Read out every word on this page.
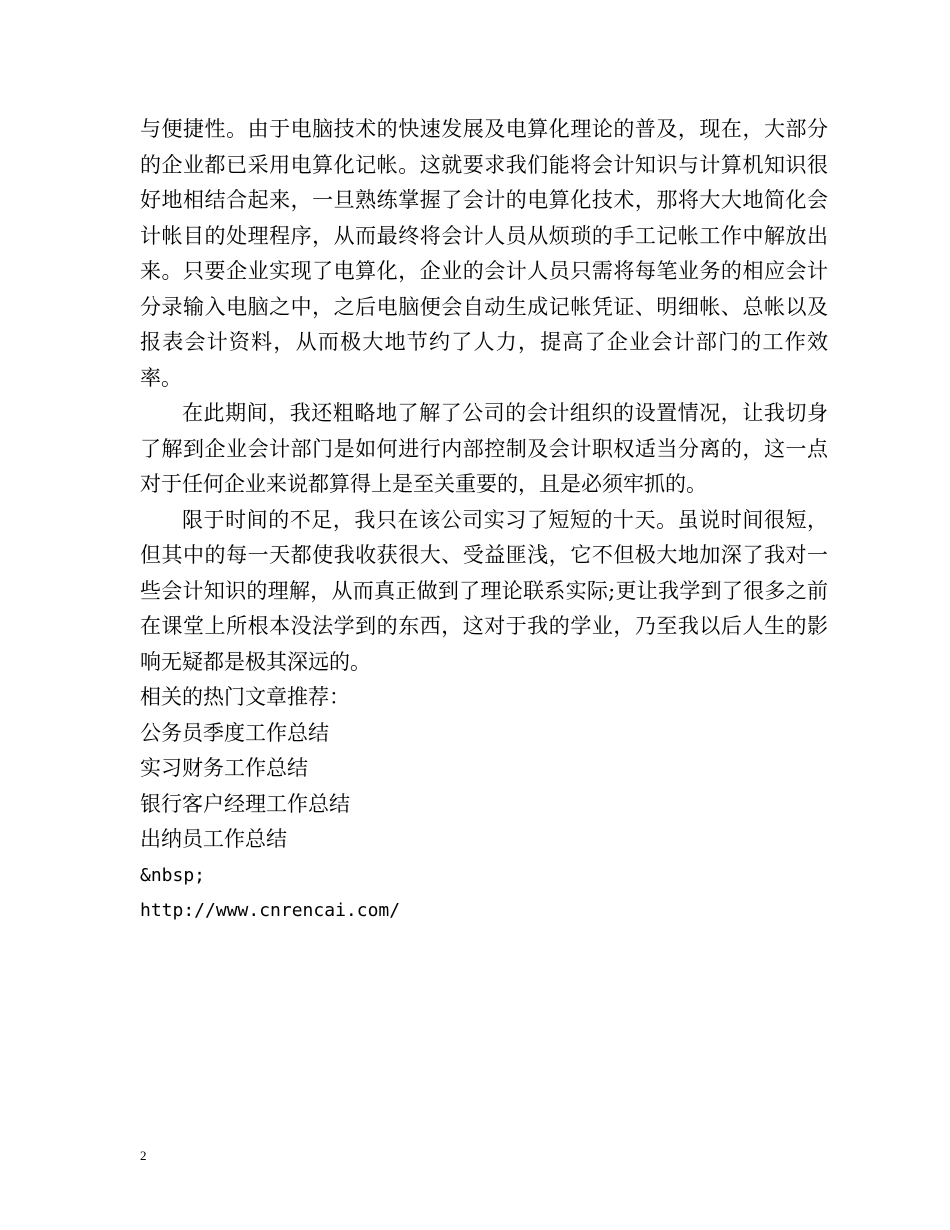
与便捷性。由于电脑技术的快速发展及电算化理论的普及，现在，大部分的企业都已采用电算化记帐。这就要求我们能将会计知识与计算机知识很好地相结合起来，一旦熟练掌握了会计的电算化技术，那将大大地简化会计帐目的处理程序，从而最终将会计人员从烦琐的手工记帐工作中解放出来。只要企业实现了电算化，企业的会计人员只需将每笔业务的相应会计分录输入电脑之中，之后电脑便会自动生成记帐凭证、明细帐、总帐以及报表会计资料，从而极大地节约了人力，提高了企业会计部门的工作效率。

在此期间，我还粗略地了解了公司的会计组织的设置情况，让我切身了解到企业会计部门是如何进行内部控制及会计职权适当分离的，这一点对于任何企业来说都算得上是至关重要的，且是必须牢抓的。

限于时间的不足，我只在该公司实习了短短的十天。虽说时间很短，但其中的每一天都使我收获很大、受益匪浅，它不但极大地加深了我对一些会计知识的理解，从而真正做到了理论联系实际;更让我学到了很多之前在课堂上所根本没法学到的东西，这对于我的学业，乃至我以后人生的影响无疑都是极其深远的。

相关的热门文章推荐：

公务员季度工作总结

实习财务工作总结

银行客户经理工作总结

出纳员工作总结

&nbsp;

http://www.cnrencai.com/

2
